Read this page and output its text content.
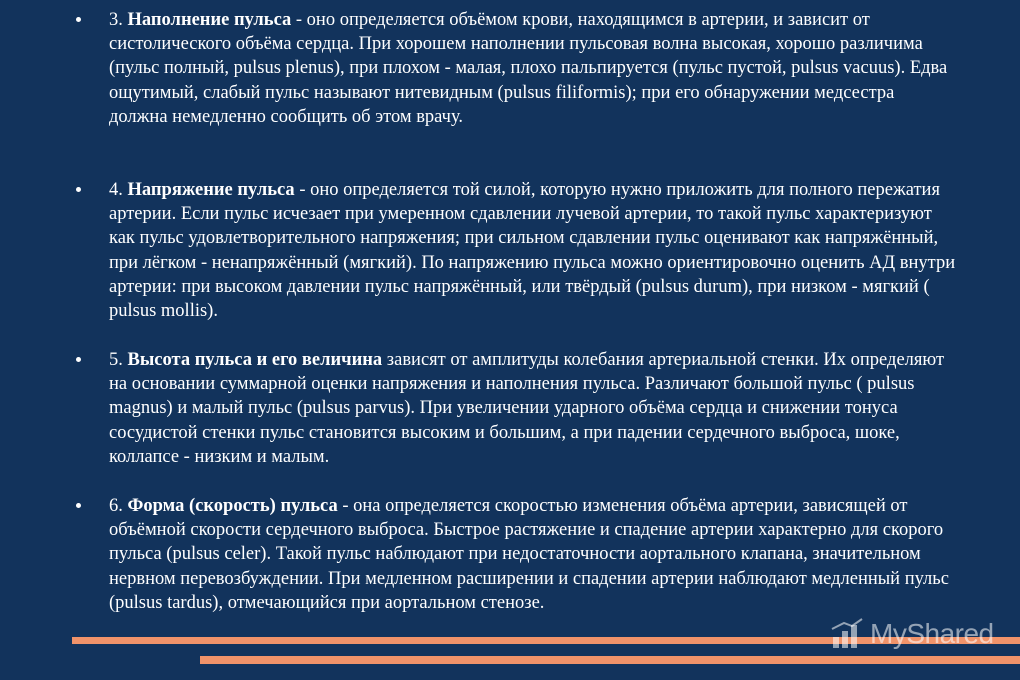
3. Наполнение пульса - оно определяется объёмом крови, находящимся в артерии, и зависит от систолического объёма сердца. При хорошем наполнении пульсовая волна высокая, хорошо различима (пульс полный, pulsus plenus), при плохом - малая, плохо пальпируется (пульс пустой, pulsus vacuus). Едва ощутимый, слабый пульс называют нитевидным (pulsus filiformis); при его обнаружении медсестра должна немедленно сообщить об этом врачу.
4. Напряжение пульса - оно определяется той силой, которую нужно приложить для полного пережатия артерии. Если пульс исчезает при умеренном сдавлении лучевой артерии, то такой пульс характеризуют как пульс удовлетворительного напряжения; при сильном сдавлении пульс оценивают как напряжённый, при лёгком - ненапряжённый (мягкий). По напряжению пульса можно ориентировочно оценить АД внутри артерии: при высоком давлении пульс напряжённый, или твёрдый (pulsus durum), при низком - мягкий ( pulsus mollis).
5. Высота пульса и его величина зависят от амплитуды колебания артериальной стенки. Их определяют на основании суммарной оценки напряжения и наполнения пульса. Различают большой пульс ( pulsus magnus) и малый пульс (pulsus parvus). При увеличении ударного объёма сердца и снижении тонуса сосудистой стенки пульс становится высоким и большим, а при падении сердечного выброса, шоке, коллапсе - низким и малым.
6. Форма (скорость) пульса - она определяется скоростью изменения объёма артерии, зависящей от объёмной скорости сердечного выброса. Быстрое растяжение и спадение артерии характерно для скорого пульса (pulsus celer). Такой пульс наблюдают при недостаточности аортального клапана, значительном нервном перевозбуждении. При медленном расширении и спадении артерии наблюдают медленный пульс (pulsus tardus), отмечающийся при аортальном стенозе.
MyShared
